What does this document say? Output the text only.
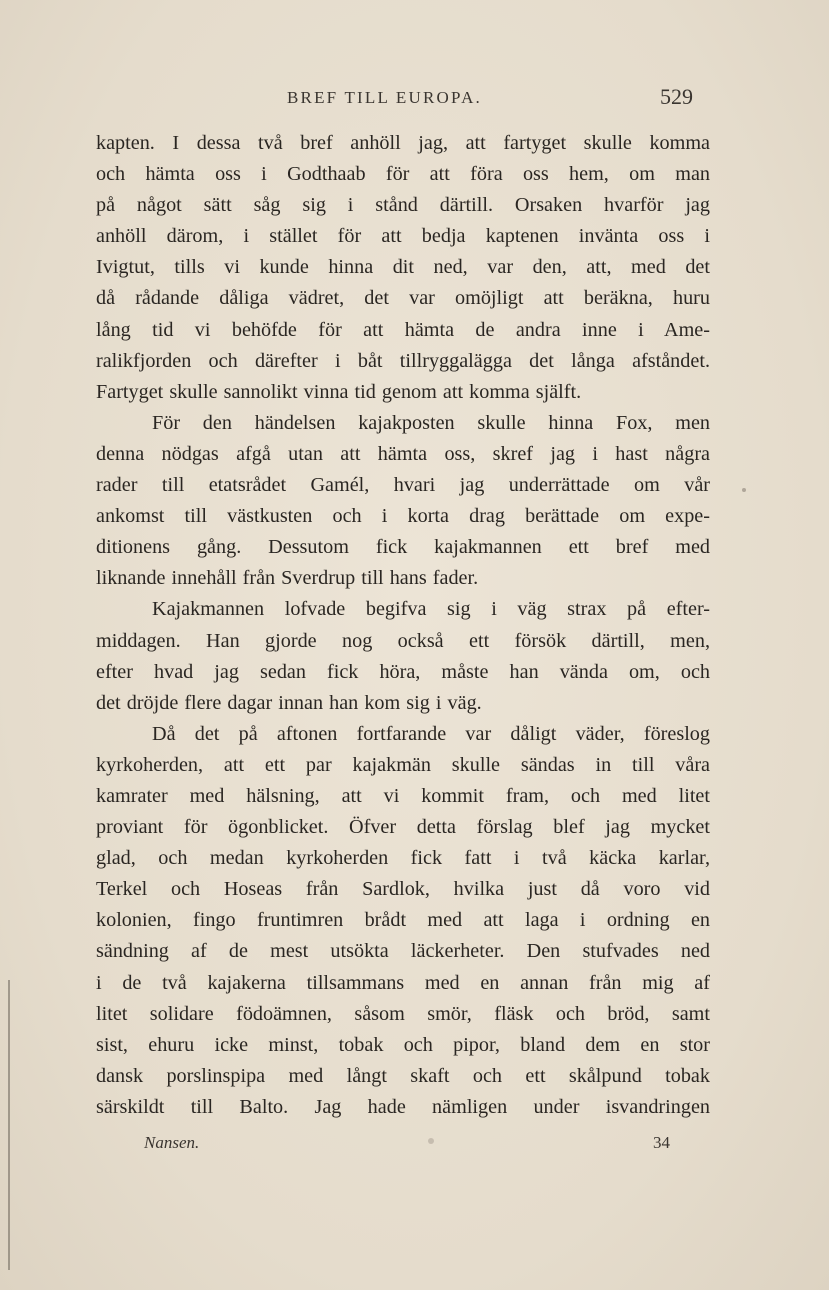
BREF TILL EUROPA.	529
kapten. I dessa två bref anhöll jag, att fartyget skulle komma
och hämta oss i Godthaab för att föra oss hem, om man
på något sätt såg sig i stånd därtill. Orsaken hvarför jag
anhöll därom, i stället för att bedja kaptenen invänta oss i
Ivigtut, tills vi kunde hinna dit ned, var den, att, med det
då rådande dåliga vädret, det var omöjligt att beräkna, huru
lång tid vi behöfde för att hämta de andra inne i Ame-
ralikfjorden och därefter i båt tillryggalägga det långa afståndet.
Fartyget skulle sannolikt vinna tid genom att komma själft.
För den händelsen kajakposten skulle hinna Fox, men
denna nödgas afgå utan att hämta oss, skref jag i hast några
rader till etatsrådet Gamél, hvari jag underrättade om vår
ankomst till västkusten och i korta drag berättade om expe-
ditionens gång. Dessutom fick kajakmannen ett bref med
liknande innehåll från Sverdrup till hans fader.
Kajakmannen lofvade begifva sig i väg strax på efter-
middagen. Han gjorde nog också ett försök därtill, men,
efter hvad jag sedan fick höra, måste han vända om, och
det dröjde flere dagar innan han kom sig i väg.
Då det på aftonen fortfarande var dåligt väder, föreslog
kyrkoherden, att ett par kajakmän skulle sändas in till våra
kamrater med hälsning, att vi kommit fram, och med litet
proviant för ögonblicket. Öfver detta förslag blef jag mycket
glad, och medan kyrkoherden fick fatt i två käcka karlar,
Terkel och Hoseas från Sardlok, hvilka just då voro vid
kolonien, fingo fruntimren brådt med att laga i ordning en
sändning af de mest utsökta läckerheter. Den stufvades ned
i de två kajakerna tillsammans med en annan från mig af
litet solidare födoämnen, såsom smör, fläsk och bröd, samt
sist, ehuru icke minst, tobak och pipor, bland dem en stor
dansk porslinspipa med långt skaft och ett skålpund tobak
särskildt till Balto. Jag hade nämligen under isvandringen
Nansen.	34
